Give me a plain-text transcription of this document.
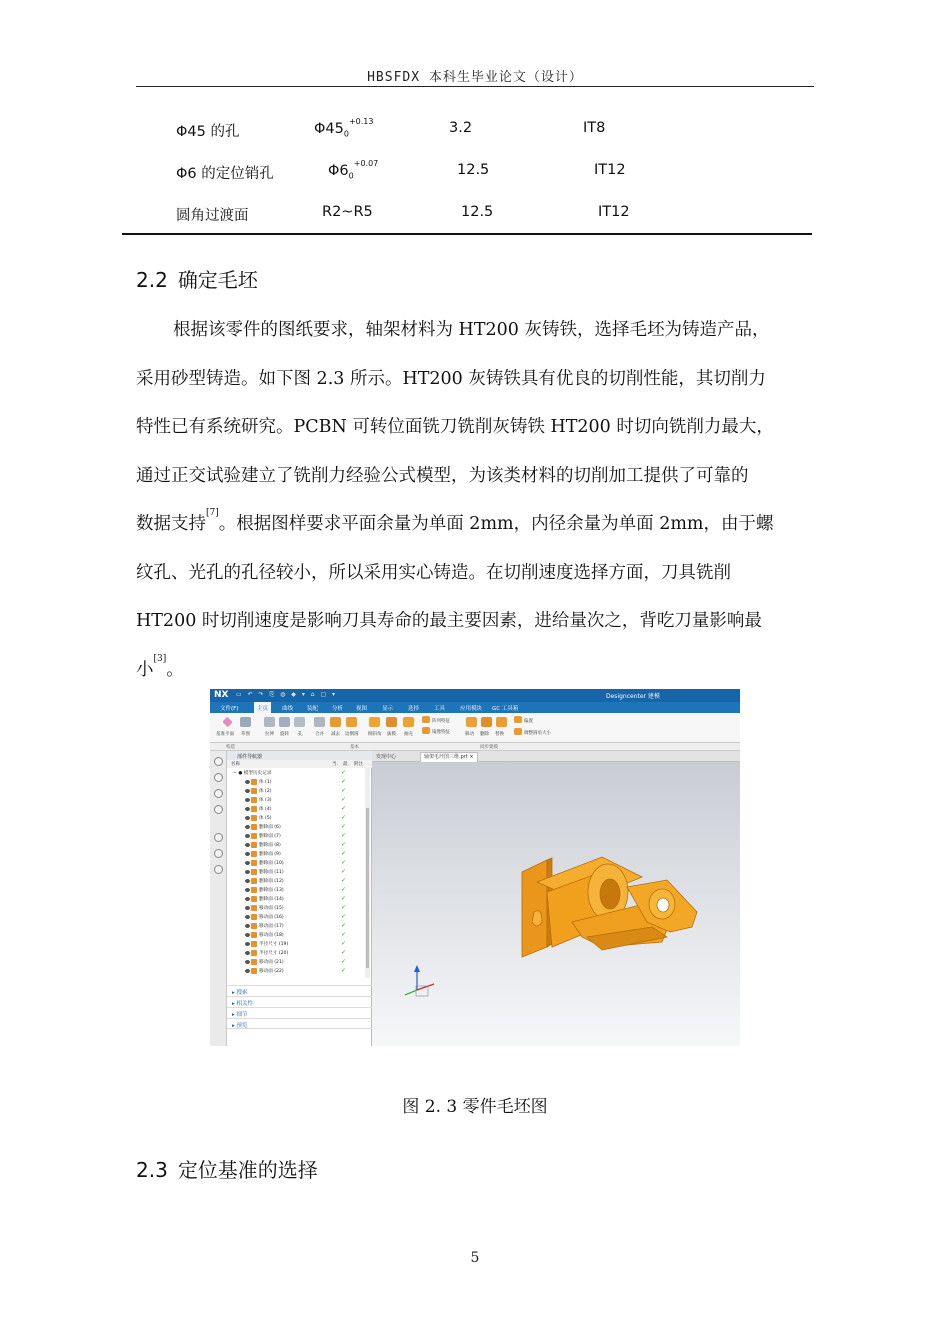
HBSFDX 本科生毕业论文（设计）
Φ45 的孔	$\Phi 45_0^{+0.13}$	3.2	IT8
Φ6 的定位销孔	$\Phi 6_0^{+0.07}$	12.5	IT12
圆角过渡面	R2~R5	12.5	IT12
2.2 确定毛坯
根据该零件的图纸要求，轴架材料为 HT200 灰铸铁，选择毛坯为铸造产品，
采用砂型铸造。如下图 2.3 所示。HT200 灰铸铁具有优良的切削性能，其切削力
特性已有系统研究。PCBN 可转位面铣刀铣削灰铸铁 HT200 时切向铣削力最大，
通过正交试验建立了铣削力经验公式模型，为该类材料的切削加工提供了可靠的
数据支持[7]。根据图样要求平面余量为单面 2mm，内径余量为单面 2mm，由于螺
纹孔、光孔的孔径较小，所以采用实心铸造。在切削速度选择方面，刀具铣削
HT200 时切削速度是影响刀具寿命的最主要因素，进给量次之，背吃刀量影响最
小[3]。
NX ▭ ↶ ↷ ⎘ ◍ ◆ ▾ ⌂ ▢ ▾	Designcenter 建模
文件(F)	主页	曲线	装配	分析 视图	显示	选择	工具	应用模块 GC 工具箱
基准平面 草图	拉伸 旋转 孔	合并 减去 边倒圆 倒斜角 拔模 抽壳
阵列特征
镜像特征	移动 删除 替换
偏置
调整圆角大小
构造	基本	同步建模
部件导航器
名称	当. 最. 附注
− ● 模型历史记录	✓
体 (1)	✓
体 (2)	✓
体 (3)	✓
体 (4)	✓
体 (5)	✓
删除面 (6)	✓
删除面 (7)	✓
删除面 (8)	✓
删除面 (9)	✓
删除面 (10)	✓
删除面 (11)	✓
删除面 (12)	✓
删除面 (13)	✓
删除面 (14)	✓
移动面 (15)	✓
移动面 (16)	✓
移动面 (17)	✓
移动面 (18)	✓
半径尺寸 (19)	✓
半径尺寸 (20)	✓
移动面 (21)	✓
移动面 (22)	✓
▸ 搜索
▸ 相关性
▸ 细节
▸ 预览
发现中心	轴架毛坯图三维.prt ×
图 2. 3 零件毛坯图
2.3 定位基准的选择
5
